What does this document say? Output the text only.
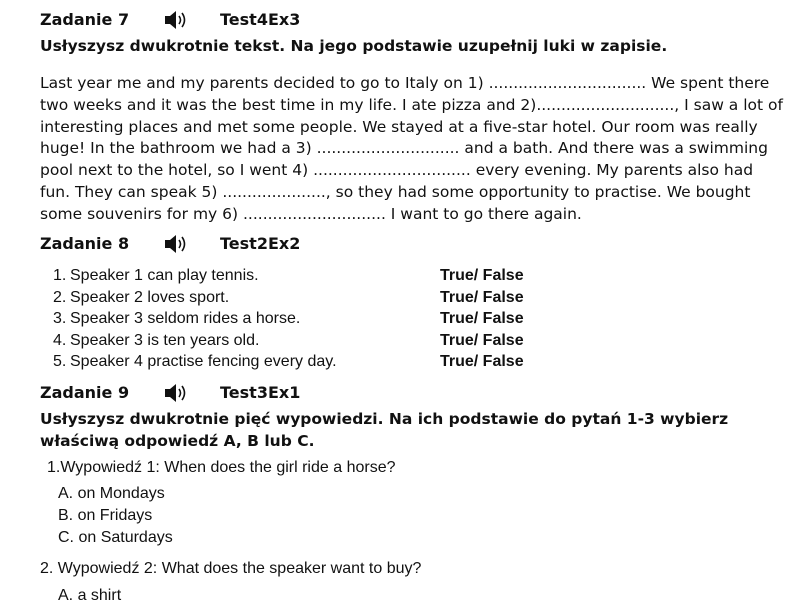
Zadanie 7	Test4Ex3

Usłyszysz dwukrotnie tekst. Na jego podstawie uzupełnij luki w zapisie.

Last year me and my parents decided to go to Italy on 1) ................................ We spent there
two weeks and it was the best time in my life. I ate pizza and 2)............................, I saw a lot of
interesting places and met some people. We stayed at a five-star hotel. Our room was really
huge! In the bathroom we had a 3) ............................. and a bath. And there was a swimming
pool next to the hotel, so I went 4) ................................ every evening. My parents also had
fun. They can speak 5) ....................., so they had some opportunity to practise. We bought
some souvenirs for my 6) ............................. I want to go there again.
Zadanie 8	Test2Ex2
1. Speaker 1 can play tennis.	True/ False
2. Speaker 2 loves sport.	True/ False
3. Speaker 3 seldom rides a horse.	True/ False
4. Speaker 3 is ten years old.	True/ False
5. Speaker 4 practise fencing every day.	True/ False
Zadanie 9	Test3Ex1

Usłyszysz dwukrotnie pięć wypowiedzi. Na ich podstawie do pytań 1-3 wybierz

właściwą odpowiedź A, B lub C.

1.Wypowiedź 1: When does the girl ride a horse?
A. on Mondays
B. on Fridays
C. on Saturdays
2. Wypowiedź 2: What does the speaker want to buy?
A. a shirt
